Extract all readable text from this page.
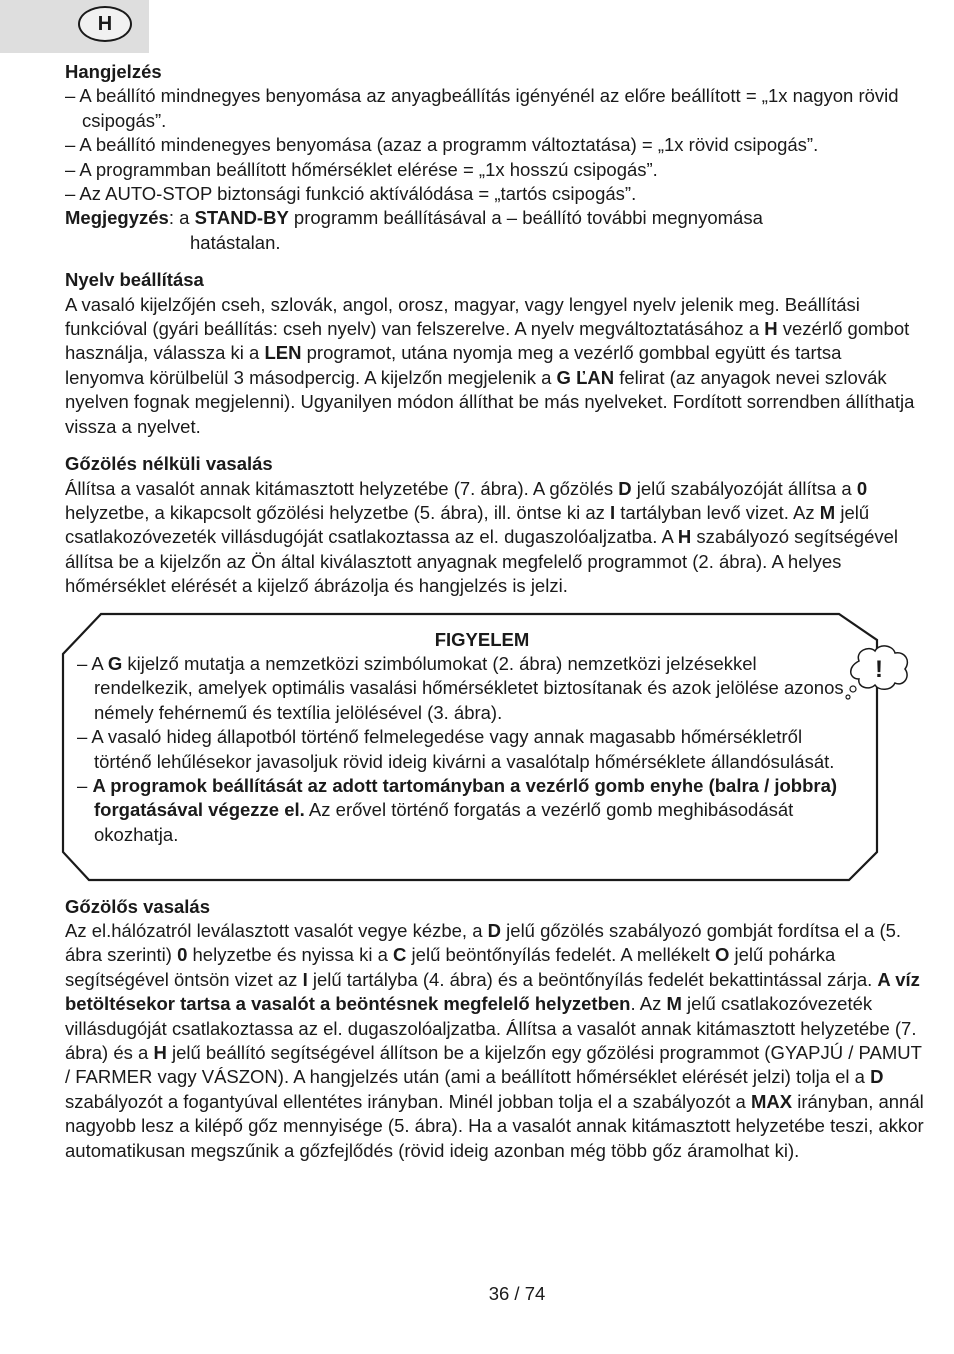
H
Hangjelzés

– A beállító mindnegyes benyomása az anyagbeállítás igényénél az előre beállított = „1x nagyon rövid csipogás”.

– A beállító mindenegyes benyomása (azaz a programm változtatása) = „1x rövid csipogás”.

– A programmban beállított hőmérséklet elérése = „1x hosszú csipogás”.

– Az AUTO-STOP biztonsági funkció aktíválódása = „tartós csipogás”.

Megjegyzés: a STAND-BY programm beállításával a – beállító további megnyomása

hatástalan.

Nyelv beállítása

A vasaló kijelzőjén cseh, szlovák, angol, orosz, magyar, vagy lengyel nyelv jelenik meg. Beállítási funkcióval (gyári beállítás: cseh nyelv) van felszerelve. A nyelv megváltoztatásához a H vezérlő gombot használja, válassza ki a LEN programot, utána nyomja meg a vezérlő gombbal együtt és tartsa lenyomva körülbelül 3 másodpercig. A kijelzőn megjelenik a G ĽAN felirat (az anyagok nevei szlovák nyelven fognak megjelenni). Ugyanilyen módon állíthat be más nyelveket. Fordított sorrendben állíthatja vissza a nyelvet.

Gőzölés nélküli vasalás

Állítsa a vasalót annak kitámasztott helyzetébe (7. ábra). A gőzölés D jelű szabályozóját állítsa a 0 helyzetbe, a kikapcsolt gőzölési helyzetbe (5. ábra), ill. öntse ki az I tartályban levő vizet. Az M jelű csatlakozóvezeték villásdugóját csatlakoztassa az el. dugaszolóaljzatba. A H szabályozó segítségével állítsa be a kijelzőn az Ön által kiválasztott anyagnak megfelelő programmot (2. ábra). A helyes hőmérséklet elérését a kijelző ábrázolja és hangjelzés is jelzi.

FIGYELEM

– A G kijelző mutatja a nemzetközi szimbólumokat (2. ábra) nemzetközi jelzésekkel rendelkezik, amelyek optimális vasalási hőmérsékletet biztosítanak és azok jelölése azonos némely fehérnemű és textília jelölésével (3. ábra).

– A vasaló hideg állapotból történő felmelegedése vagy annak magasabb hőmérsékletről történő lehűlésekor javasoljuk rövid ideig kivárni a vasalótalp hőmérséklete állandósulását.

– A programok beállítását az adott tartományban a vezérlő gomb enyhe (balra / jobbra) forgatásával végezze el. Az erővel történő forgatás a vezérlő gomb meghibásodását okozhatja.

Gőzölős vasalás

Az el.hálózatról leválasztott vasalót vegye kézbe, a D jelű gőzölés szabályozó gombját fordítsa el a (5. ábra szerinti) 0 helyzetbe és nyissa ki a C jelű beöntőnyílás fedelét. A mellékelt O jelű pohárka segítségével öntsön vizet az I jelű tartályba (4. ábra) és a beöntőnyílás fedelét bekattintással zárja. A víz betöltésekor tartsa a vasalót a beöntésnek megfelelő helyzetben. Az M jelű csatlakozóvezeték villásdugóját csatlakoztassa az el. dugaszolóaljzatba. Állítsa a vasalót annak kitámasztott helyzetébe (7. ábra) és a H jelű beállító segítségével állítson be a kijelzőn egy gőzölési programmot (GYAPJÚ / PAMUT / FARMER vagy VÁSZON). A hangjelzés után (ami a beállított hőmérséklet elérését jelzi) tolja el a D szabályozót a fogantyúval ellentétes irányban. Minél jobban tolja el a szabályozót a MAX irányban, annál nagyobb lesz a kilépő gőz mennyisége (5. ábra). Ha a vasalót annak kitámasztott helyzetébe teszi, akkor automatikusan megszűnik a gőzfejlődés (rövid ideig azonban még több gőz áramolhat ki).

!
36 / 74
